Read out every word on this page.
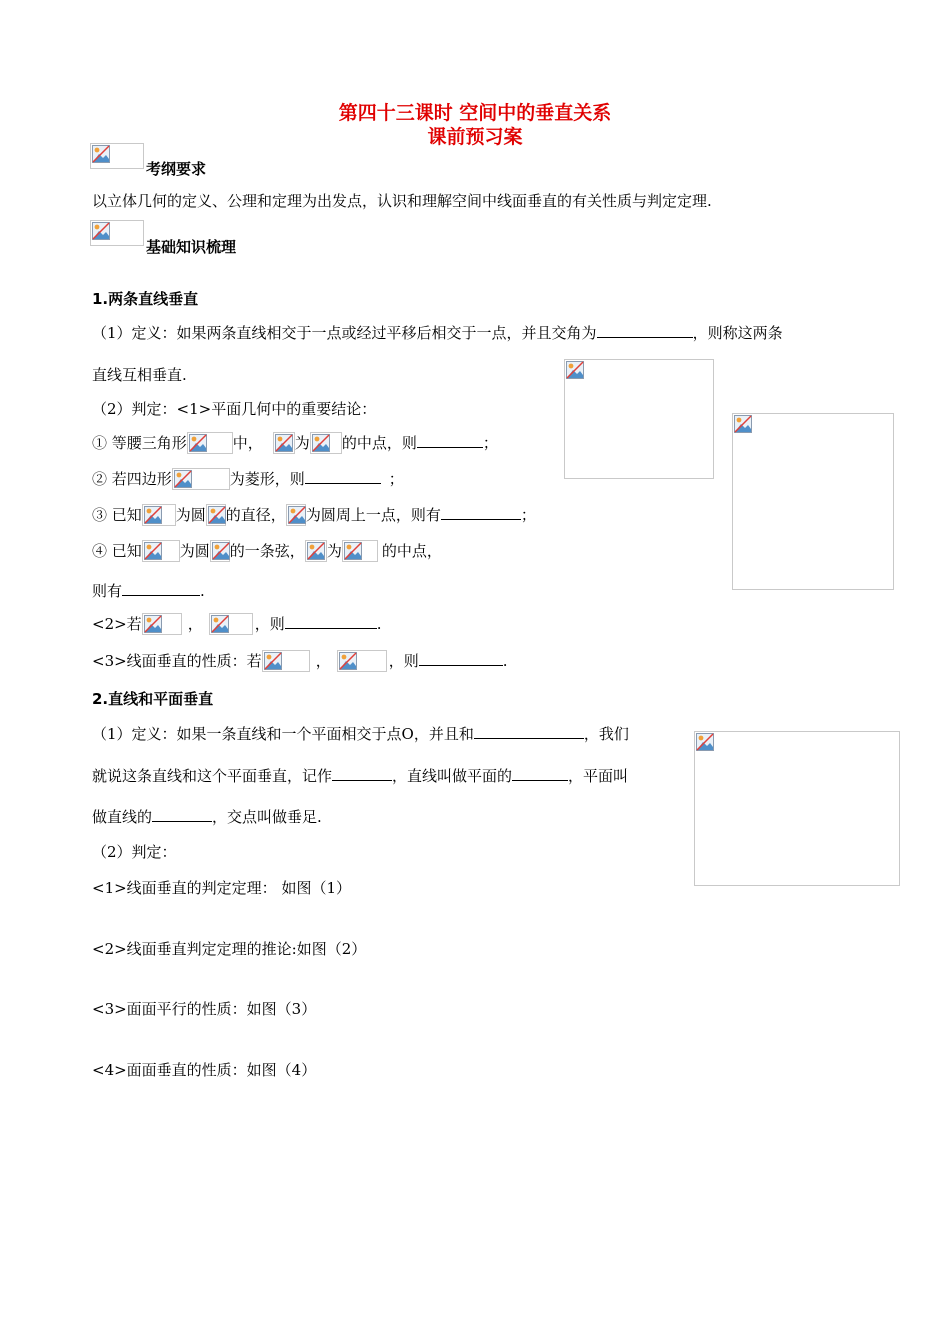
第四十三课时 空间中的垂直关系
课前预习案
考纲要求
以立体几何的定义、公理和定理为出发点，认识和理解空间中线面垂直的有关性质与判定定理.
基础知识梳理
1.两条直线垂直
（1）定义：如果两条直线相交于一点或经过平移后相交于一点，并且交角为	，则称这两条
直线互相垂直.
（2）判定：<1>平面几何中的重要结论：
① 等腰三角形	中， 为 的中点，则	；
② 若四边形	为菱形，则	；
③ 已知 为圆 的直径， 为圆周上一点，则有	；
④ 已知	为圆 的一条弦， 为	的中点，
则有	.
<2>若	，	，则	.
<3>线面垂直的性质：若	，	，则	.
2.直线和平面垂直
（1）定义：如果一条直线和一个平面相交于点O，并且和	，我们
就说这条直线和这个平面垂直，记作	，直线叫做平面的	，平面叫
做直线的	，交点叫做垂足.
（2）判定：
<1>线面垂直的判定定理： 如图（1）
<2>线面垂直判定定理的推论:如图（2）
<3>面面平行的性质：如图（3）
<4>面面垂直的性质：如图（4）
